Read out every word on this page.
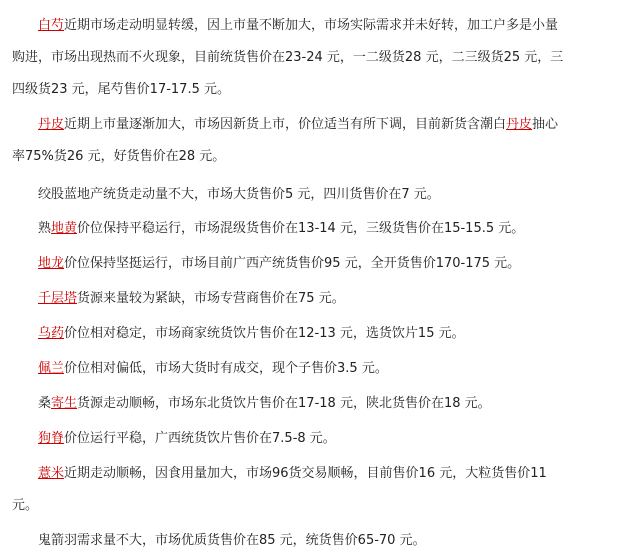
白芍近期市场走动明显转缓，因上市量不断加大，市场实际需求并未好转，加工户多是小量
购进，市场出现热而不火现象，目前统货售价在23-24 元，一二级货28 元，二三级货25 元，三
四级货23 元，尾芍售价17-17.5 元。
丹皮近期上市量逐渐加大，市场因新货上市，价位适当有所下调，目前新货含潮白丹皮抽心
率75%货26 元，好货售价在28 元。
绞股蓝地产统货走动量不大，市场大货售价5 元，四川货售价在7 元。
熟地黄价位保持平稳运行，市场混级货售价在13-14 元，三级货售价在15-15.5 元。
地龙价位保持坚挺运行，市场目前广西产统货售价95 元，全开货售价170-175 元。
千层塔货源来量较为紧缺，市场专营商售价在75 元。
乌药价位相对稳定，市场商家统货饮片售价在12-13 元，选货饮片15 元。
佩兰价位相对偏低，市场大货时有成交，现个子售价3.5 元。
桑寄生货源走动顺畅，市场东北货饮片售价在17-18 元，陕北货售价在18 元。
狗脊价位运行平稳，广西统货饮片售价在7.5-8 元。
薏米近期走动顺畅，因食用量加大，市场96货交易顺畅，目前售价16 元，大粒货售价11
元。
鬼箭羽需求量不大，市场优质货售价在85 元，统货售价65-70 元。
